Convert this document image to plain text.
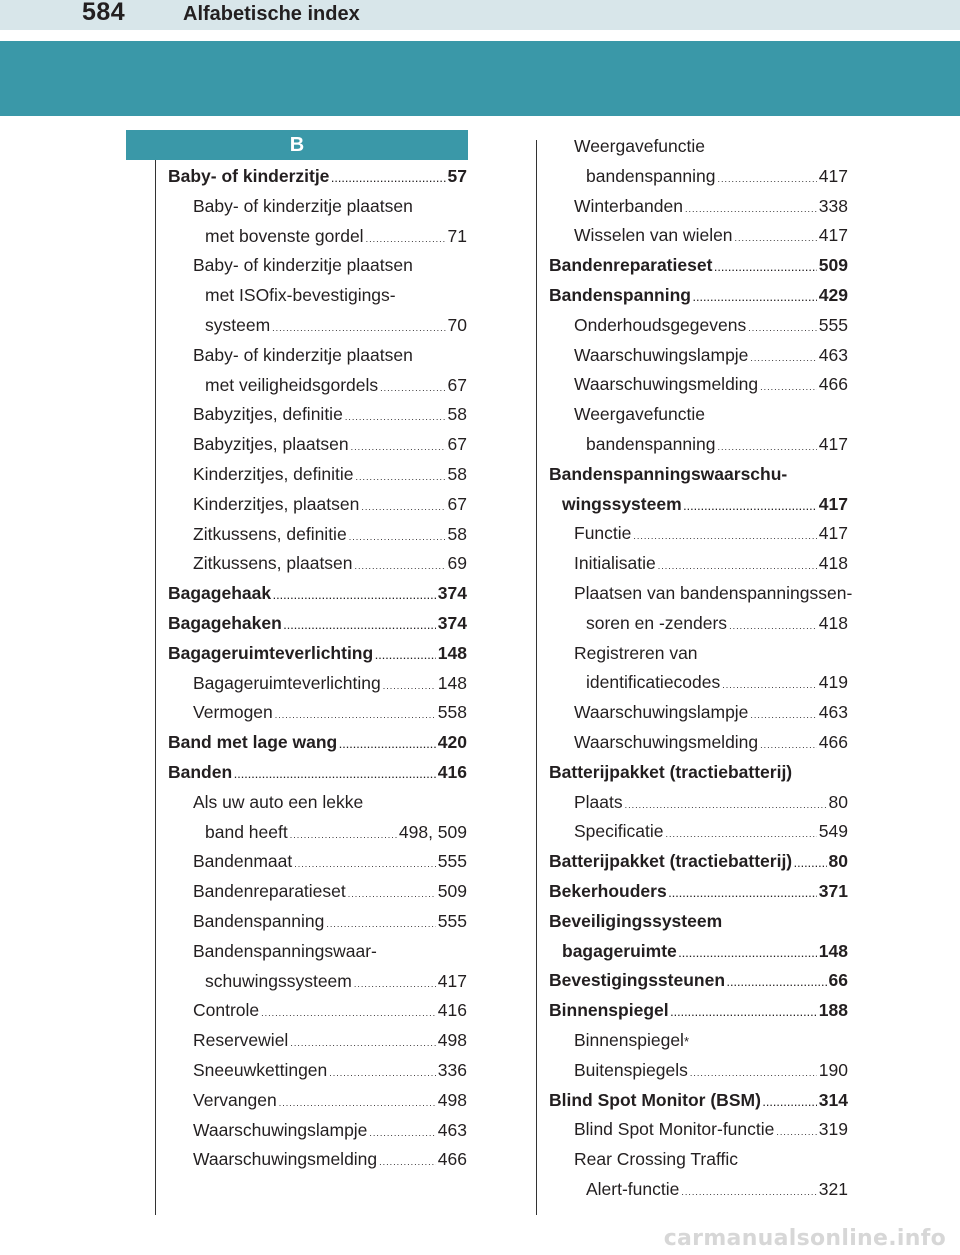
584	Alfabetische index
B
Baby- of kinderzitje .....	57
Baby- of kinderzitje plaatsen
met bovenste gordel .....	71
Baby- of kinderzitje plaatsen
met ISOfix-bevestigings-
systeem .....	70
Baby- of kinderzitje plaatsen
met veiligheidsgordels .....	67
Babyzitjes, definitie .....	58
Babyzitjes, plaatsen .....	67
Kinderzitjes, definitie .....	58
Kinderzitjes, plaatsen .....	67
Zitkussens, definitie .....	58
Zitkussens, plaatsen .....	69
Bagagehaak .....	374
Bagagehaken .....	374
Bagageruimteverlichting .....	148
Bagageruimteverlichting .....	148
Vermogen .....	558
Band met lage wang .....	420
Banden .....	416
Als uw auto een lekke
band heeft .....	498, 509
Bandenmaat .....	555
Bandenreparatieset .....	509
Bandenspanning .....	555
Bandenspanningswaar-
schuwingssysteem .....	417
Controle .....	416
Reservewiel .....	498
Sneeuwkettingen .....	336
Vervangen .....	498
Waarschuwingslampje .....	463
Waarschuwingsmelding .....	466
Weergavefunctie
bandenspanning .....	417
Winterbanden .....	338
Wisselen van wielen .....	417
Bandenreparatieset .....	509
Bandenspanning .....	429
Onderhoudsgegevens .....	555
Waarschuwingslampje .....	463
Waarschuwingsmelding .....	466
Weergavefunctie
bandenspanning .....	417
Bandenspanningswaarschu-
wingssysteem .....	417
Functie .....	417
Initialisatie .....	418
Plaatsen van bandenspanningssen-
soren en -zenders .....	418
Registreren van
identificatiecodes .....	419
Waarschuwingslampje .....	463
Waarschuwingsmelding .....	466
Batterijpakket (tractiebatterij)
Plaats .....	80
Specificatie .....	549
Batterijpakket (tractiebatterij) ..... 80
Bekerhouders .....	371
Beveiligingssysteem
bagageruimte .....	148
Bevestigingssteunen .....	66
Binnenspiegel .....	188
Binnenspiegel *
Buitenspiegels .....	190
Blind Spot Monitor (BSM) .....	314
Blind Spot Monitor-functie .....	319
Rear Crossing Traffic
Alert-functie .....	321
carmanualsonline.info
